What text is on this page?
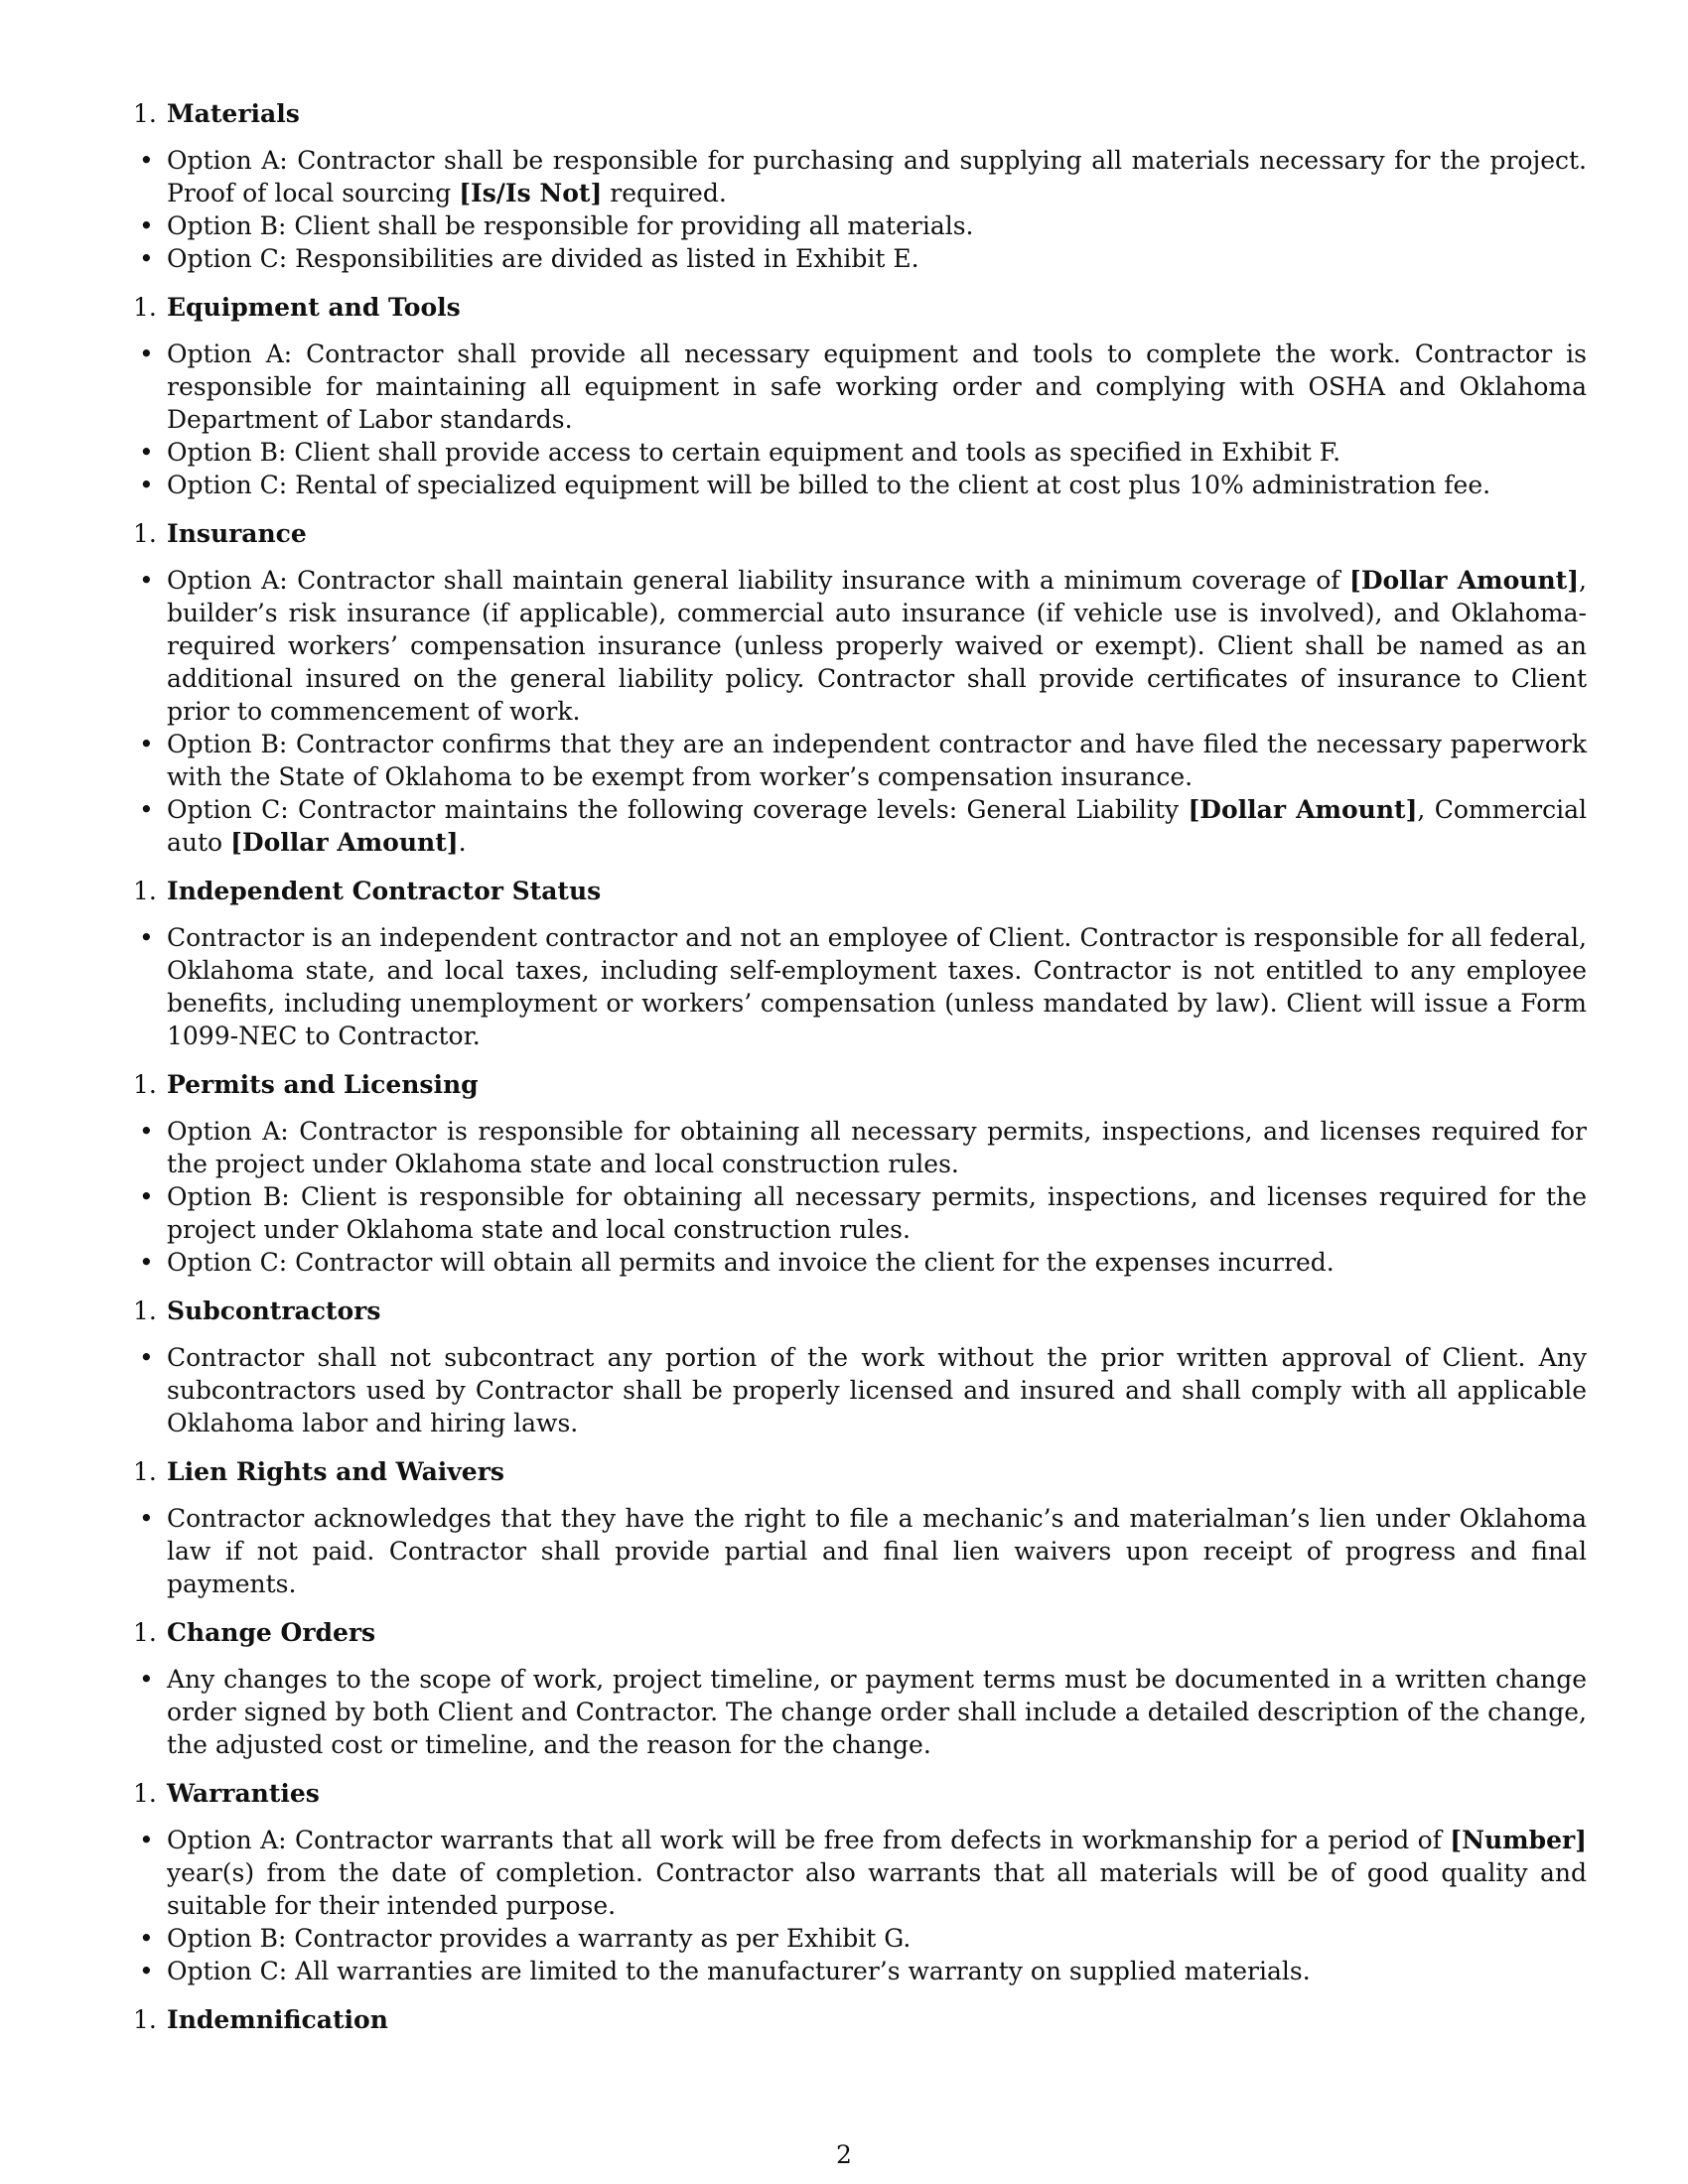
1. Materials
• Option A: Contractor shall be responsible for purchasing and supplying all materials necessary for the project. Proof of local sourcing [Is/Is Not] required.
• Option B: Client shall be responsible for providing all materials.
• Option C: Responsibilities are divided as listed in Exhibit E.
1. Equipment and Tools
• Option A: Contractor shall provide all necessary equipment and tools to complete the work. Contractor is responsible for maintaining all equipment in safe working order and complying with OSHA and Oklahoma Department of Labor standards.
• Option B: Client shall provide access to certain equipment and tools as specified in Exhibit F.
• Option C: Rental of specialized equipment will be billed to the client at cost plus 10% administration fee.
1. Insurance
• Option A: Contractor shall maintain general liability insurance with a minimum coverage of [Dollar Amount], builder’s risk insurance (if applicable), commercial auto insurance (if vehicle use is involved), and Oklahoma-required workers’ compensation insurance (unless properly waived or exempt). Client shall be named as an additional insured on the general liability policy. Contractor shall provide certificates of insurance to Client prior to commencement of work.
• Option B: Contractor confirms that they are an independent contractor and have filed the necessary paperwork with the State of Oklahoma to be exempt from worker’s compensation insurance.
• Option C: Contractor maintains the following coverage levels: General Liability [Dollar Amount], Commercial auto [Dollar Amount].
1. Independent Contractor Status
• Contractor is an independent contractor and not an employee of Client. Contractor is responsible for all federal, Oklahoma state, and local taxes, including self-employment taxes. Contractor is not entitled to any employee benefits, including unemployment or workers’ compensation (unless mandated by law). Client will issue a Form 1099-NEC to Contractor.
1. Permits and Licensing
• Option A: Contractor is responsible for obtaining all necessary permits, inspections, and licenses required for the project under Oklahoma state and local construction rules.
• Option B: Client is responsible for obtaining all necessary permits, inspections, and licenses required for the project under Oklahoma state and local construction rules.
• Option C: Contractor will obtain all permits and invoice the client for the expenses incurred.
1. Subcontractors
• Contractor shall not subcontract any portion of the work without the prior written approval of Client. Any subcontractors used by Contractor shall be properly licensed and insured and shall comply with all applicable Oklahoma labor and hiring laws.
1. Lien Rights and Waivers
• Contractor acknowledges that they have the right to file a mechanic’s and materialman’s lien under Oklahoma law if not paid. Contractor shall provide partial and final lien waivers upon receipt of progress and final payments.
1. Change Orders
• Any changes to the scope of work, project timeline, or payment terms must be documented in a written change order signed by both Client and Contractor. The change order shall include a detailed description of the change, the adjusted cost or timeline, and the reason for the change.
1. Warranties
• Option A: Contractor warrants that all work will be free from defects in workmanship for a period of [Number] year(s) from the date of completion. Contractor also warrants that all materials will be of good quality and suitable for their intended purpose.
• Option B: Contractor provides a warranty as per Exhibit G.
• Option C: All warranties are limited to the manufacturer’s warranty on supplied materials.
1. Indemnification
2
